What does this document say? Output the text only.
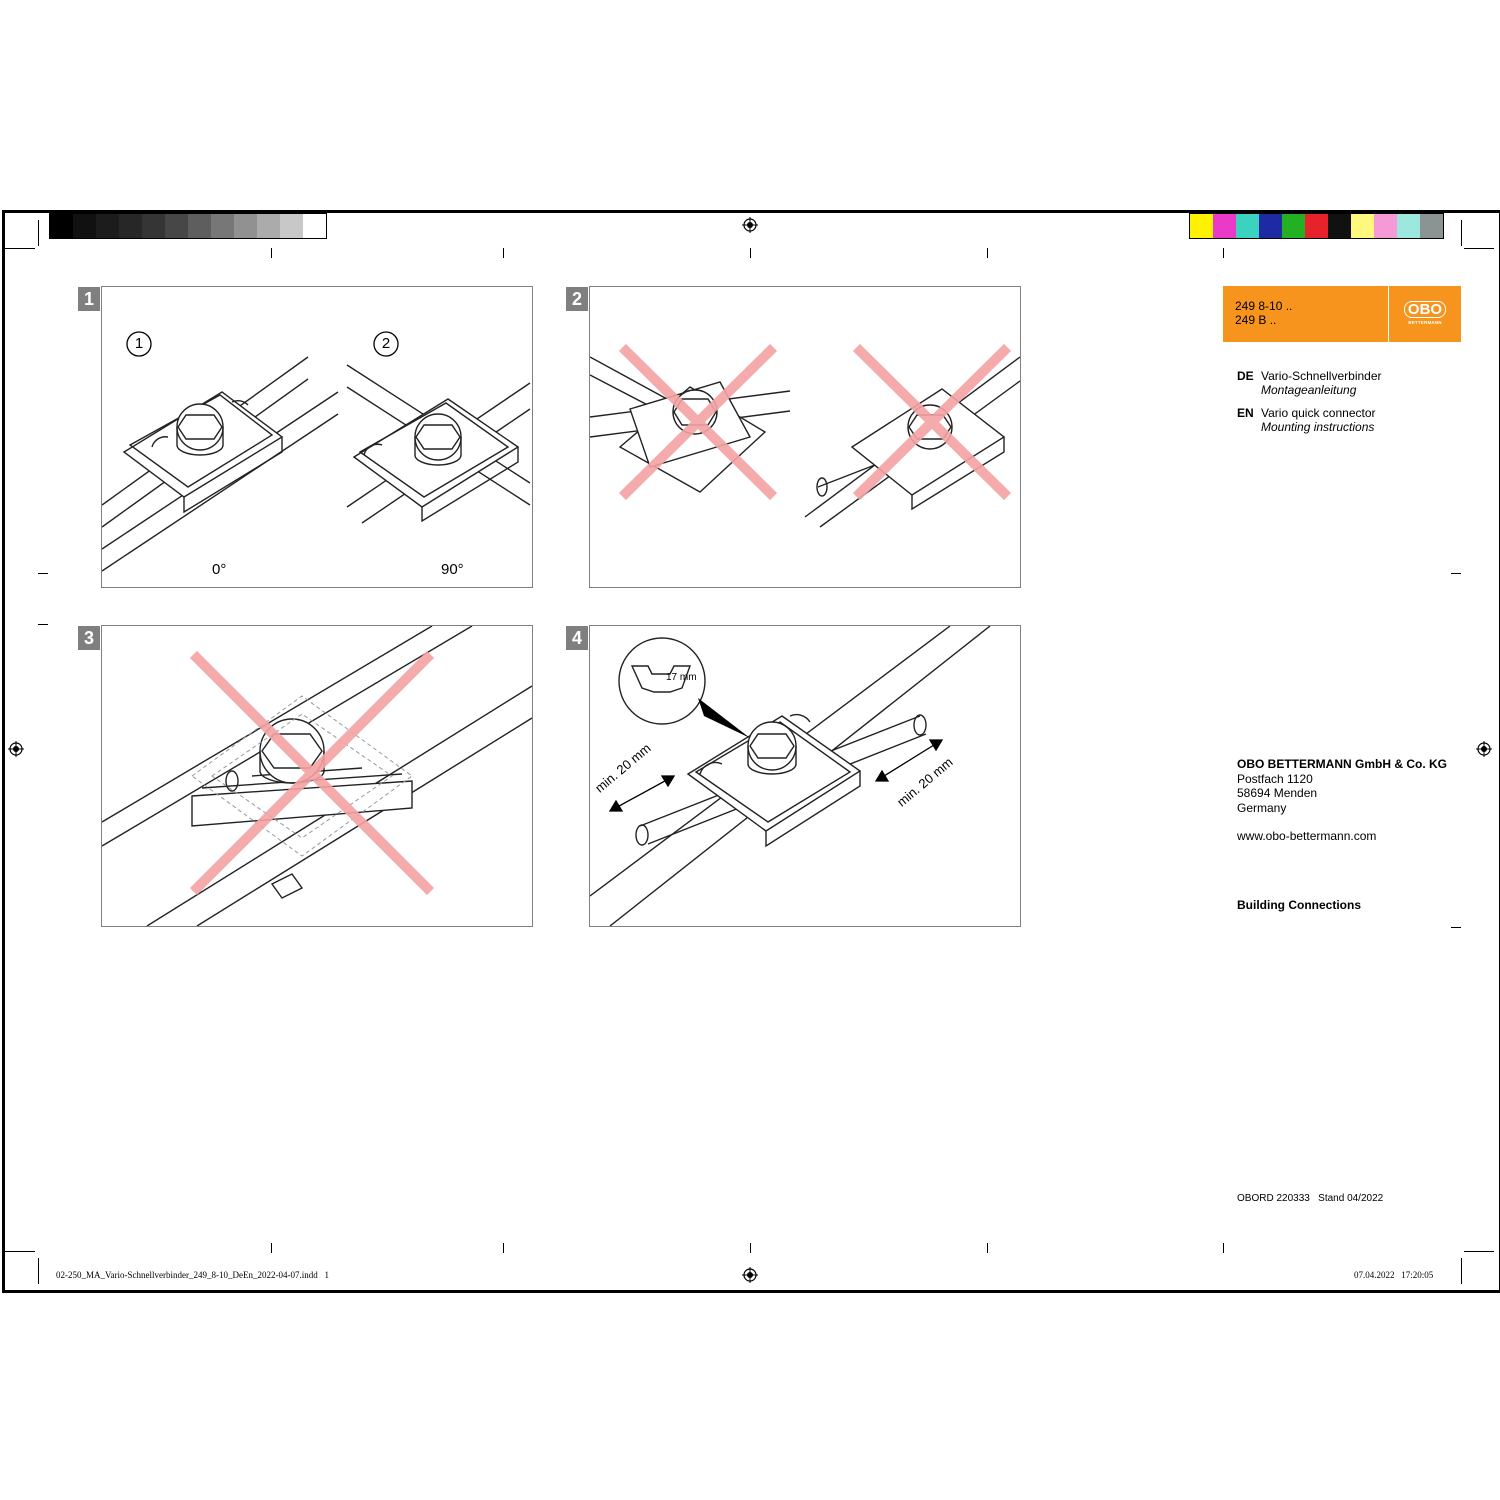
1
1	2
0°	90°
2
3	4
17 mm
min. 20 mm	min. 20 mm
249 8-10 ..
249 B ..
OBO
BETTERMANN
DE Vario-Schnellverbinder
Montageanleitung
EN Vario quick connector
Mounting instructions
OBO BETTERMANN GmbH & Co. KG
Postfach 1120
58694 Menden
Germany
www.obo-bettermann.com
Building Connections
OBORD 220333   Stand 04/2022
02-250_MA_Vario-Schnellverbinder_249_8-10_DeEn_2022-04-07.indd   1	07.04.2022   17:20:05
